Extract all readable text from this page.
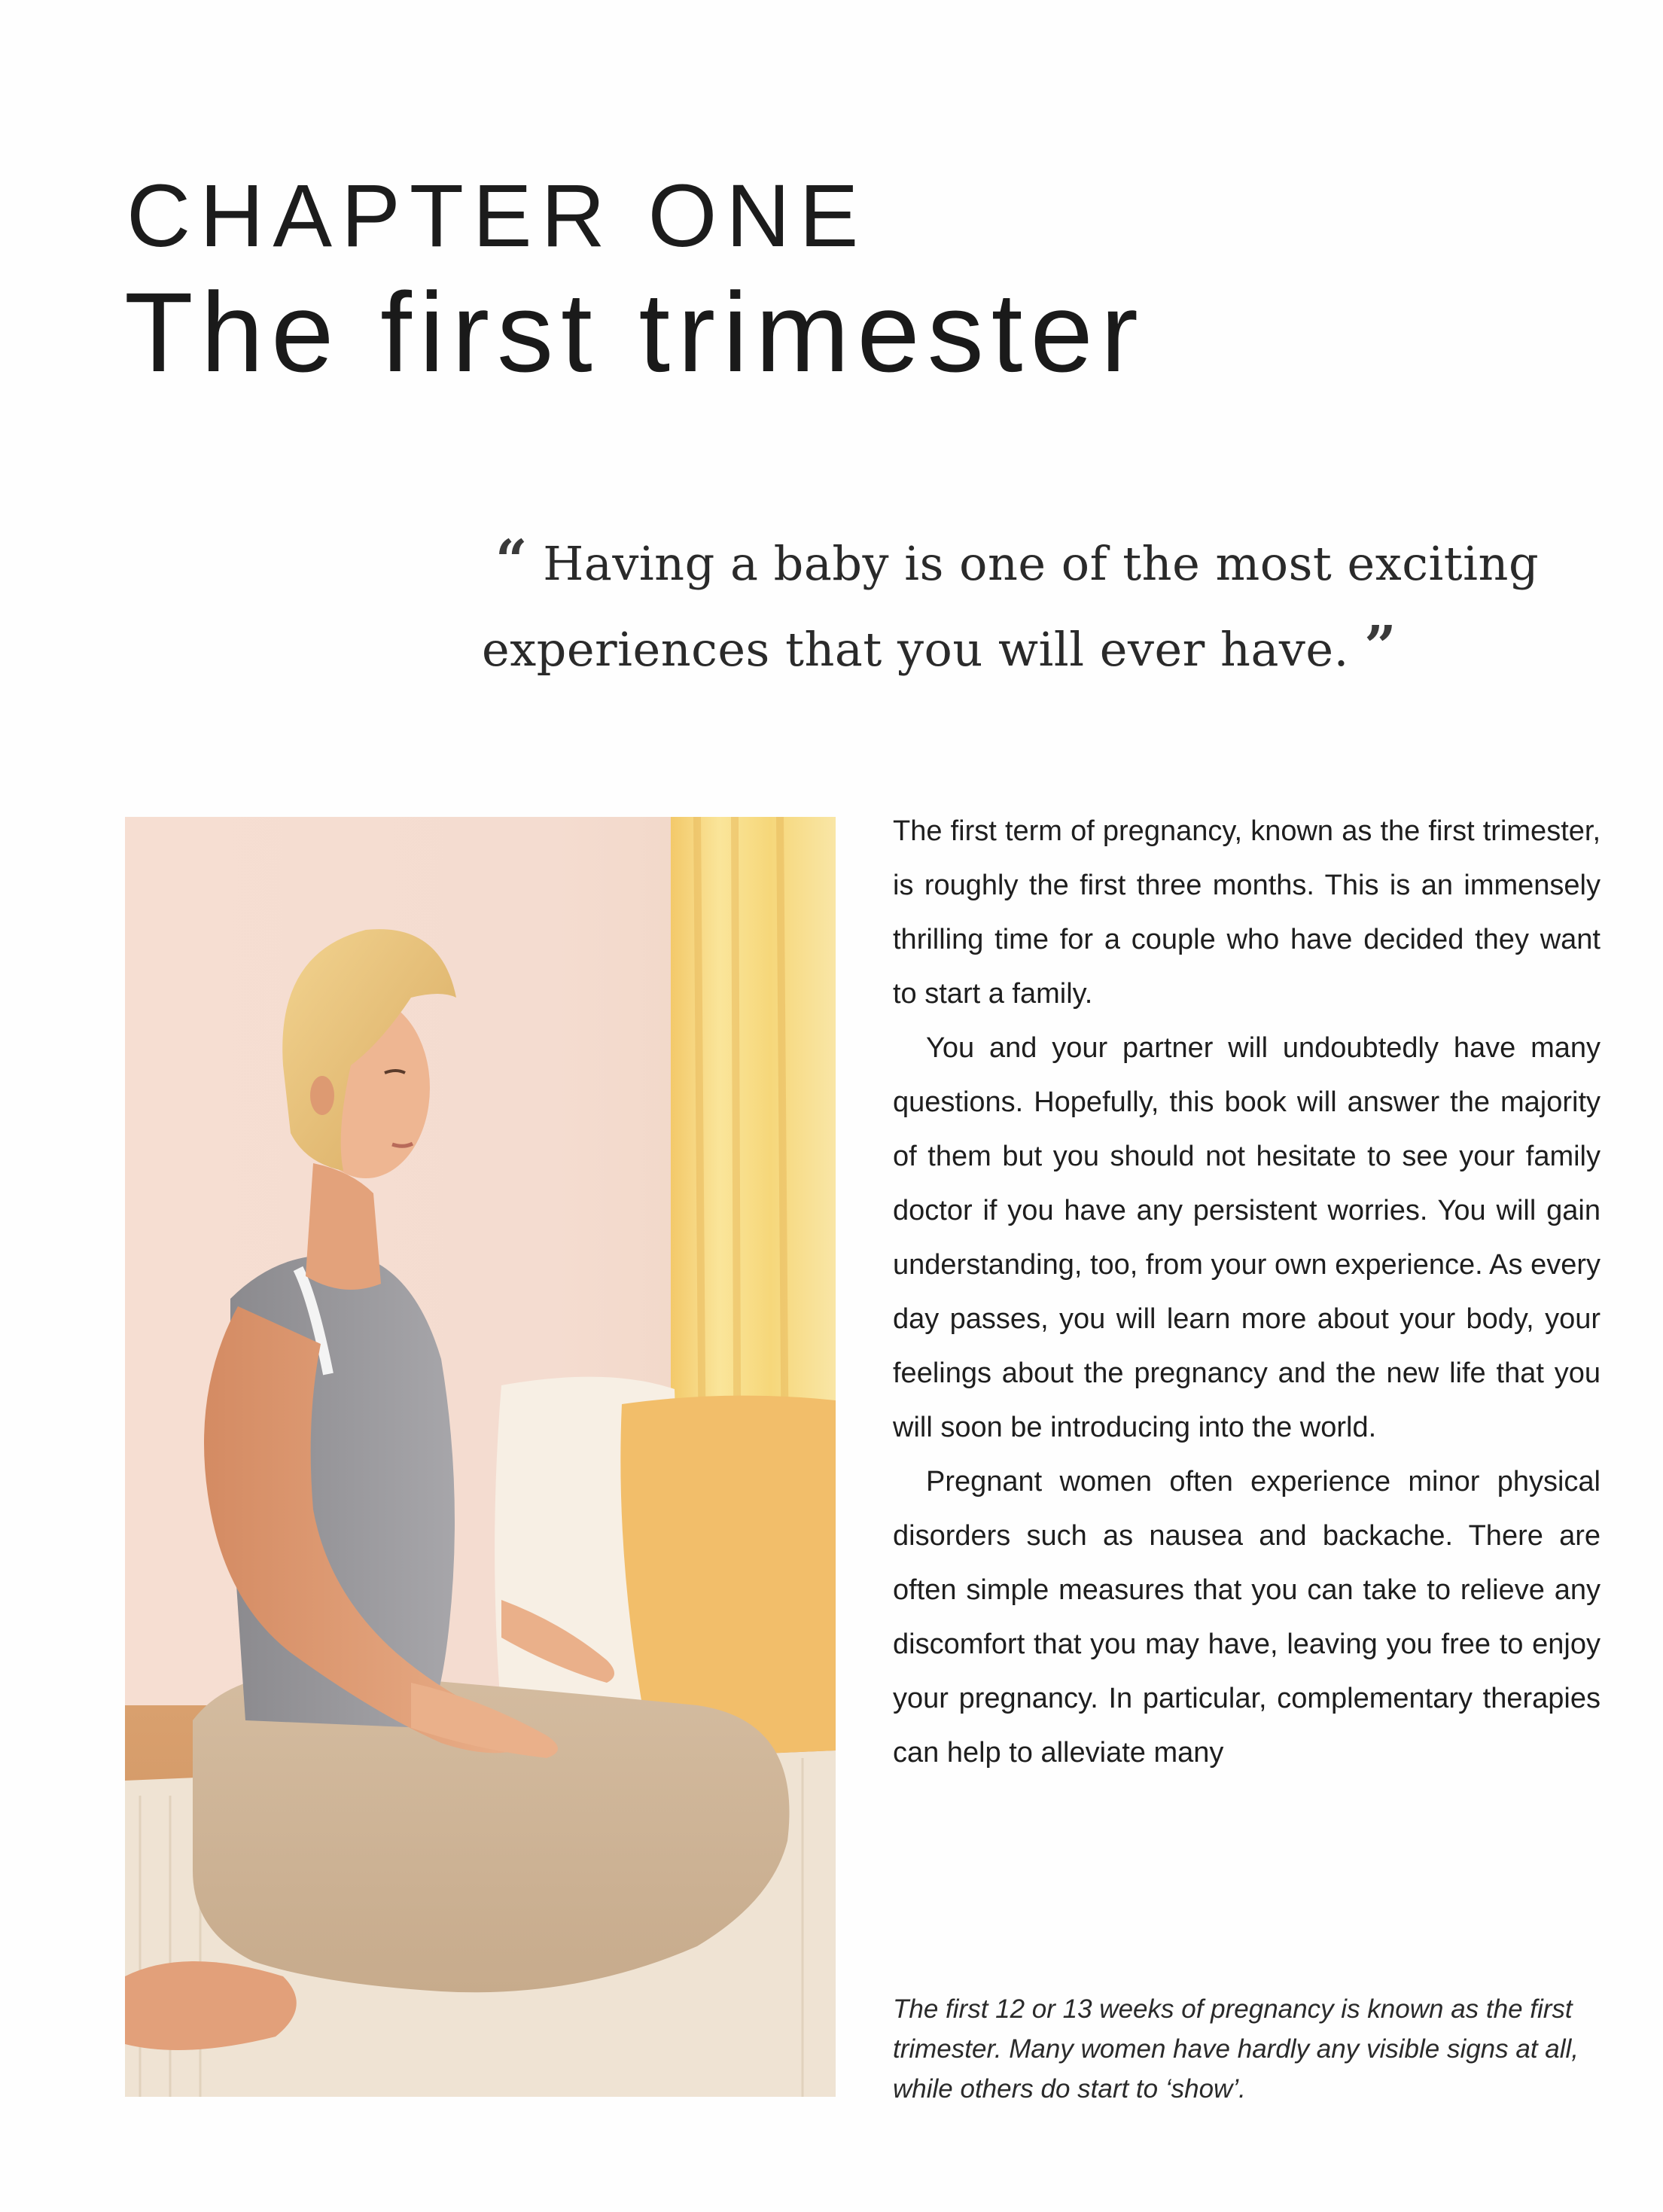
CHAPTER ONE
The first trimester
“ Having a baby is one of the most exciting
experiences that you will ever have. ”

The first term of pregnancy, known as the first trimester, is roughly the first three months. This is an immensely thrilling time for a couple who have decided they want to start a family.

You and your partner will undoubtedly have many questions. Hopefully, this book will answer the majority of them but you should not hesitate to see your family doctor if you have any persistent worries. You will gain understanding, too, from your own experience. As every day passes, you will learn more about your body, your feelings about the pregnancy and the new life that you will soon be introducing into the world.

Pregnant women often experience minor physical disorders such as nausea and backache. There are often simple measures that you can take to relieve any discomfort that you may have, leaving you free to enjoy your pregnancy. In particular, complementary therapies can help to alleviate many

The first 12 or 13 weeks of pregnancy is known as the first trimester. Many women have hardly any visible signs at all, while others do start to ‘show’.
